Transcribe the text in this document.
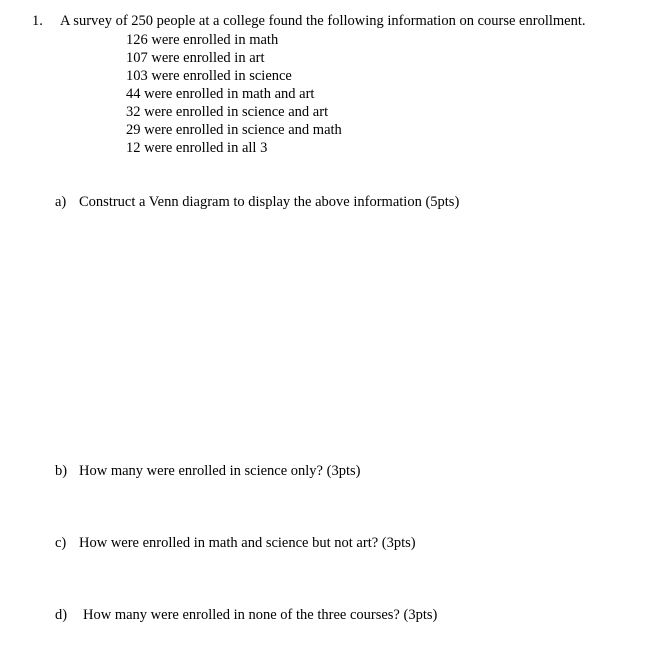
1. A survey of 250 people at a college found the following information on course enrollment.
126 were enrolled in math
107 were enrolled in art
103 were enrolled in science
44 were enrolled in math and art
32 were enrolled in science and art
29 were enrolled in science and math
12 were enrolled in all 3
a) Construct a Venn diagram to display the above information (5pts)
b) How many were enrolled in science only? (3pts)
c) How were enrolled in math and science but not art? (3pts)
d) How many were enrolled in none of the three courses? (3pts)
